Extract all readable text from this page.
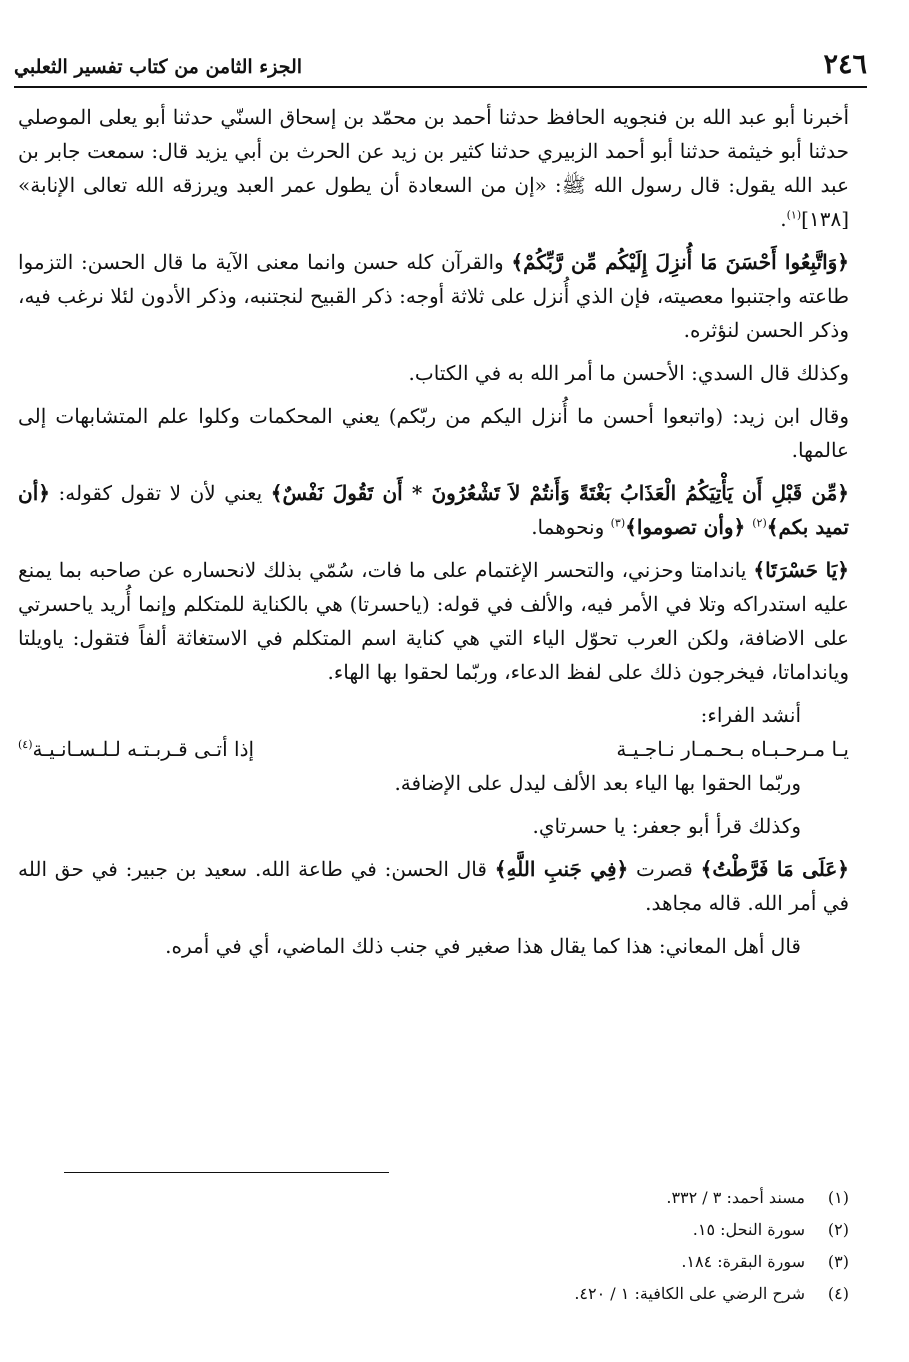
٢٤٦
الجزء الثامن من كتاب تفسير الثعلبي

أخبرنا أبو عبد الله بن فنجويه الحافظ حدثنا أحمد بن محمّد بن إسحاق السنّي حدثنا أبو يعلى الموصلي حدثنا أبو خيثمة حدثنا أبو أحمد الزبيري حدثنا كثير بن زيد عن الحرث بن أبي يزيد قال: سمعت جابر بن عبد الله يقول: قال رسول الله ﷺ: «إن من السعادة أن يطول عمر العبد ويرزقه الله تعالى الإنابة» [١٣٨]$^{(١)}$.

﴿وَاتَّبِعُوا أَحْسَنَ مَا أُنزِلَ إِلَيْكُم مِّن رَّبِّكُمْ﴾ والقرآن كله حسن وانما معنى الآية ما قال الحسن: التزموا طاعته واجتنبوا معصيته، فإن الذي أُنزل على ثلاثة أوجه: ذكر القبيح لنجتنبه، وذكر الأدون لئلا نرغب فيه، وذكر الحسن لنؤثره.

وكذلك قال السدي: الأحسن ما أمر الله به في الكتاب.

وقال ابن زيد: (واتبعوا أحسن ما أُنزل اليكم من ربّكم) يعني المحكمات وكلوا علم المتشابهات إلى عالمها.

﴿مِّن قَبْلِ أَن يَأْتِيَكُمُ الْعَذَابُ بَغْتَةً وَأَنتُمْ لاَ تَشْعُرُونَ * أَن تَقُولَ نَفْسٌ﴾ يعني لأن لا تقول كقوله: ﴿أن تميد بكم﴾$^{(٢)}$ ﴿وأن تصوموا﴾$^{(٣)}$ ونحوهما.

﴿يَا حَسْرَتَا﴾ ياندامتا وحزني، والتحسر الإغتمام على ما فات، سُمّي بذلك لانحساره عن صاحبه بما يمنع عليه استدراكه وتلا في الأمر فيه، والألف في قوله: (ياحسرتا) هي بالكناية للمتكلم وإنما أُريد ياحسرتي على الاضافة، ولكن العرب تحوّل الياء التي هي كناية اسم المتكلم في الاستغاثة ألفاً فتقول: ياويلتا ويانداماتا، فيخرجون ذلك على لفظ الدعاء، وربّما لحقوا بها الهاء.

أنشد الفراء:

يـا مـرحـبـاه بـحـمـار نـاجـيـة
إذا أتـى قـربـتـه لـلـسـانـيـة(٤)

وربّما الحقوا بها الياء بعد الألف ليدل على الإضافة.

وكذلك قرأ أبو جعفر: يا حسرتاي.

﴿عَلَى مَا فَرَّطْتُ﴾ قصرت ﴿فِي جَنبِ اللَّهِ﴾ قال الحسن: في طاعة الله. سعيد بن جبير: في حق الله في أمر الله. قاله مجاهد.

قال أهل المعاني: هذا كما يقال هذا صغير في جنب ذلك الماضي، أي في أمره.

(١)مسند أحمد: ٣ / ٣٣٢.
(٢)سورة النحل: ١٥.
(٣)سورة البقرة: ١٨٤.
(٤)شرح الرضي على الكافية: ١ / ٤٢٠.
